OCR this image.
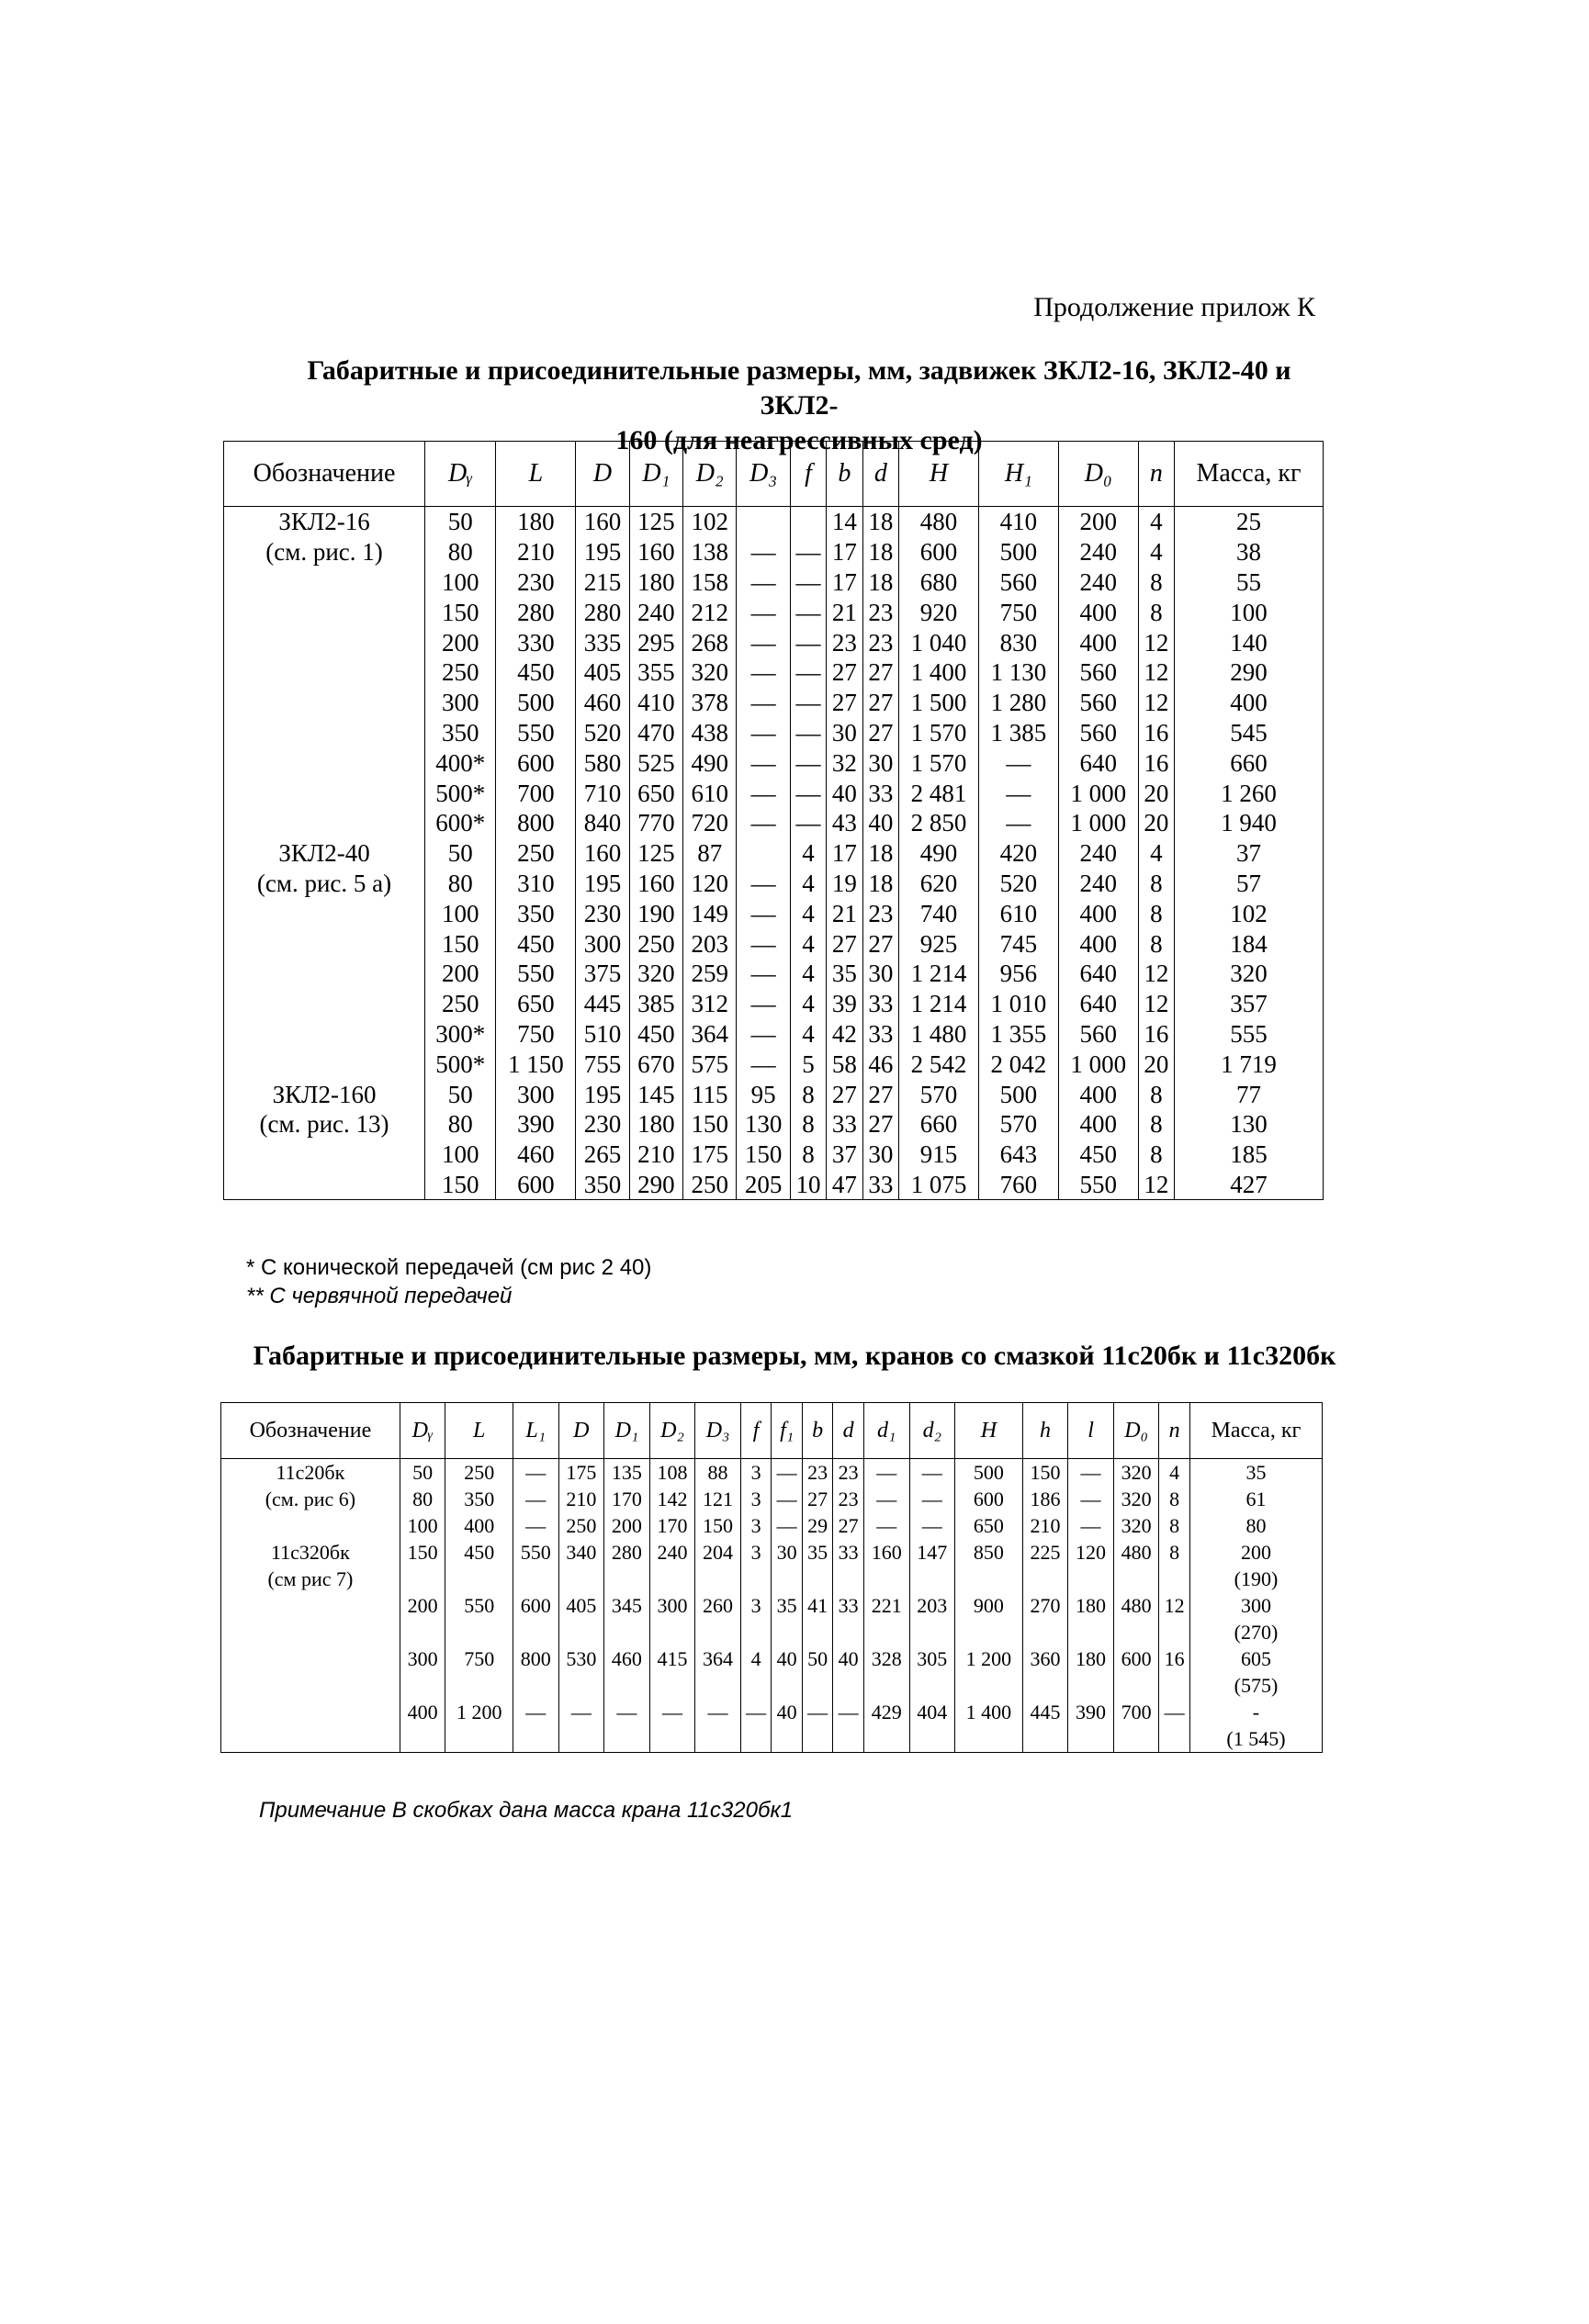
Продолжение прилож К
Габаритные и присоединительные размеры, мм, задвижек ЗКЛ2-16, ЗКЛ2-40 и ЗКЛ2-
160 (для неагрессивных сред)
Обозначение	Dᵧ	L	D	D₁	D₂	D₃	f	b	d	H	H₁	D₀	n	Масса, кг
ЗКЛ2-16	50	180	160	125	102			14	18	480	410	200	4	25
(см. рис. 1)	80	210	195	160	138	—	—	17	18	600	500	240	4	38
	100	230	215	180	158	—	—	17	18	680	560	240	8	55
	150	280	280	240	212	—	—	21	23	920	750	400	8	100
	200	330	335	295	268	—	—	23	23	1 040	830	400	12	140
	250	450	405	355	320	—	—	27	27	1 400	1 130	560	12	290
	300	500	460	410	378	—	—	27	27	1 500	1 280	560	12	400
	350	550	520	470	438	—	—	30	27	1 570	1 385	560	16	545
	400*	600	580	525	490	—	—	32	30	1 570	—	640	16	660
	500*	700	710	650	610	—	—	40	33	2 481	—	1 000	20	1 260
	600*	800	840	770	720	—	—	43	40	2 850	—	1 000	20	1 940
ЗКЛ2-40	50	250	160	125	87		4	17	18	490	420	240	4	37
(см. рис. 5 а)	80	310	195	160	120	—	4	19	18	620	520	240	8	57
	100	350	230	190	149	—	4	21	23	740	610	400	8	102
	150	450	300	250	203	—	4	27	27	925	745	400	8	184
	200	550	375	320	259	—	4	35	30	1 214	956	640	12	320
	250	650	445	385	312	—	4	39	33	1 214	1 010	640	12	357
	300*	750	510	450	364	—	4	42	33	1 480	1 355	560	16	555
	500*	1 150	755	670	575	—	5	58	46	2 542	2 042	1 000	20	1 719
ЗКЛ2-160	50	300	195	145	115	95	8	27	27	570	500	400	8	77
(см. рис. 13)	80	390	230	180	150	130	8	33	27	660	570	400	8	130
	100	460	265	210	175	150	8	37	30	915	643	450	8	185
	150	600	350	290	250	205	10	47	33	1 075	760	550	12	427
* С конической передачей (см рис 2 40)
** С червячной передачей
Габаритные и присоединительные размеры, мм, кранов со смазкой 11с20бк и 11с320бк
Обозначение	Dᵧ	L	L₁	D	D₁	D₂	D₃	f	f₁	b	d	d₁	d₂	H	h	l	D₀	n	Масса, кг
11с20бк	50	250	—	175	135	108	88	3	—	23	23	—	—	500	150	—	320	4	35
(см. рис 6)	80	350	—	210	170	142	121	3	—	27	23	—	—	600	186	—	320	8	61
	100	400	—	250	200	170	150	3	—	29	27	—	—	650	210	—	320	8	80
11с320бк	150	450	550	340	280	240	204	3	30	35	33	160	147	850	225	120	480	8	200
(см рис 7)																			(190)
	200	550	600	405	345	300	260	3	35	41	33	221	203	900	270	180	480	12	300
																			(270)
	300	750	800	530	460	415	364	4	40	50	40	328	305	1 200	360	180	600	16	605
																			(575)
	400	1 200	—	—	—	—	—	—	40	—	—	429	404	1 400	445	390	700	—	-
																			(1 545)
Примечание В скобках дана масса крана 11с320бк1
